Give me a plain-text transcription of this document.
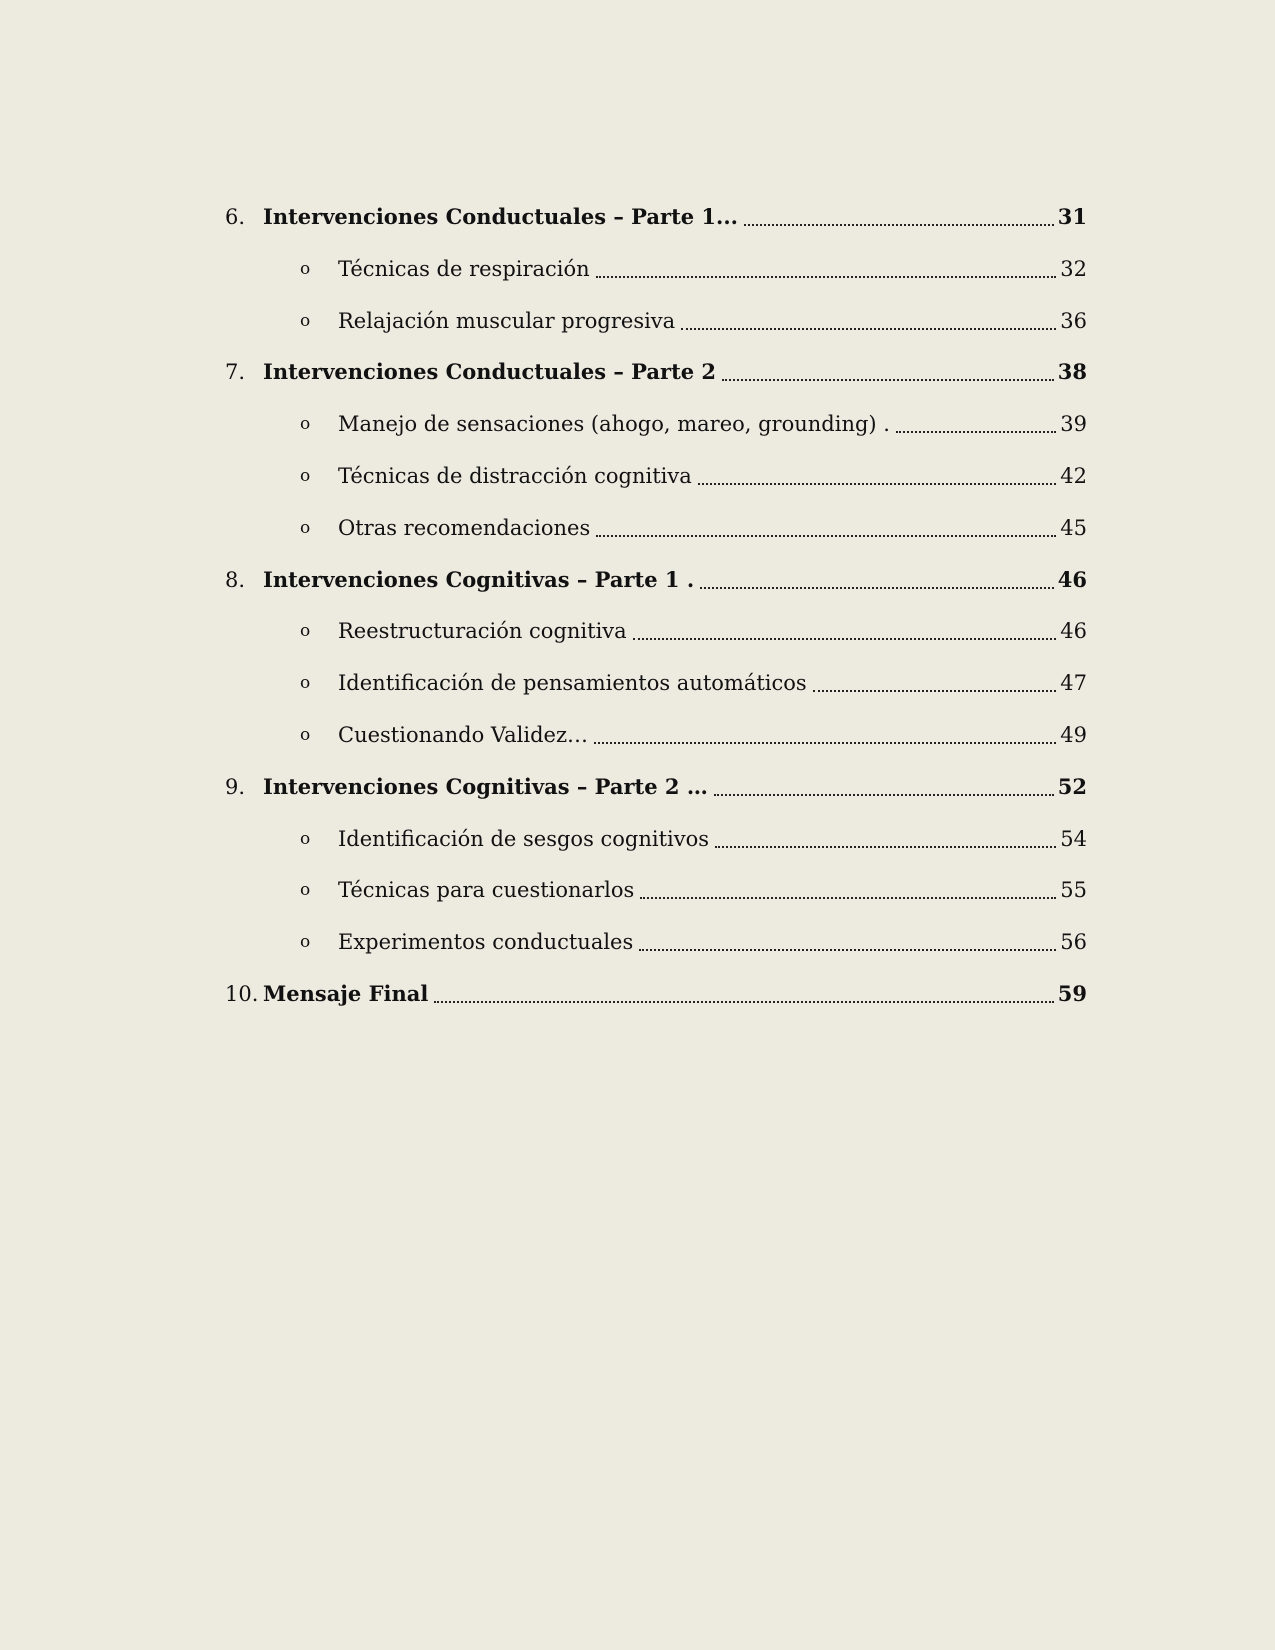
6. Intervenciones Conductuales – Parte 1...	31
o	Técnicas de respiración	32
o	Relajación muscular progresiva	36
7. Intervenciones Conductuales – Parte 2	38
o	Manejo de sensaciones (ahogo, mareo, grounding) .	39
o	Técnicas de distracción cognitiva	42
o	Otras recomendaciones	45
8. Intervenciones Cognitivas – Parte 1 .	46
o	Reestructuración cognitiva	46
o	Identificación de pensamientos automáticos	47
o	Cuestionando Validez…	49
9. Intervenciones Cognitivas – Parte 2 …	52
o	Identificación de sesgos cognitivos	54
o	Técnicas para cuestionarlos	55
o	Experimentos conductuales	56
10. Mensaje Final	59
